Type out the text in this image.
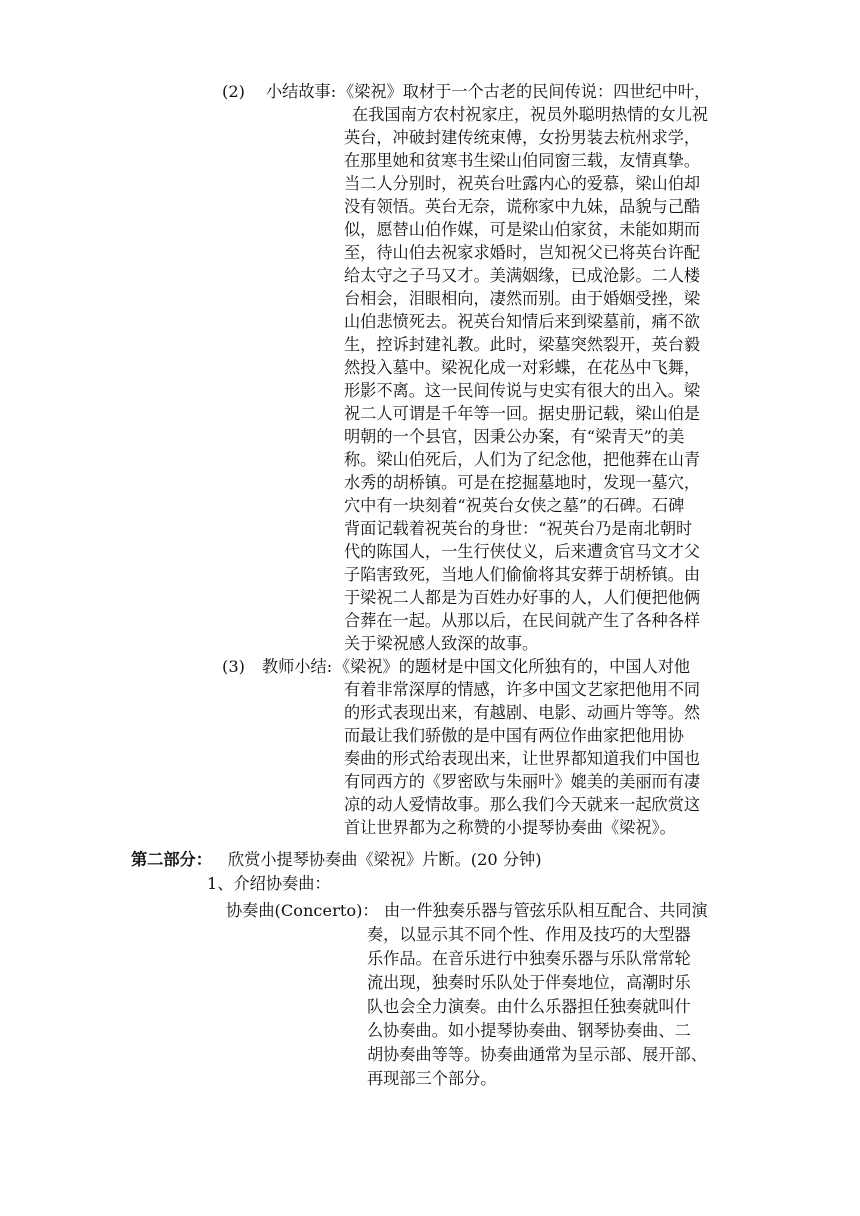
(2) 小结故事: 《梁祝》取材于一个古老的民间传说：四世纪中叶，
在我国南方农村祝家庄，祝员外聪明热情的女儿祝
英台，冲破封建传统束傅，女扮男装去杭州求学，
在那里她和贫寒书生梁山伯同窗三载，友情真挚。
当二人分别时，祝英台吐露内心的爱慕，梁山伯却
没有领悟。英台无奈，谎称家中九妹，品貌与己酷
似，愿替山伯作媒，可是梁山伯家贫，未能如期而
至，待山伯去祝家求婚时，岂知祝父已将英台许配
给太守之子马又才。美满姻缘，已成沧影。二人楼
台相会，泪眼相向，凄然而别。由于婚姻受挫，梁
山伯悲愤死去。祝英台知情后来到梁墓前，痛不欲
生，控诉封建礼教。此时，梁墓突然裂开，英台毅
然投入墓中。梁祝化成一对彩蝶，在花丛中飞舞，
形影不离。这一民间传说与史实有很大的出入。梁
祝二人可谓是千年等一回。据史册记载，梁山伯是
明朝的一个县官，因秉公办案，有“梁青天”的美
称。梁山伯死后，人们为了纪念他，把他葬在山青
水秀的胡桥镇。可是在挖掘墓地时，发现一墓穴，
穴中有一块刻着“祝英台女侠之墓”的石碑。石碑
背面记载着祝英台的身世：“祝英台乃是南北朝时
代的陈国人，一生行侠仗义，后来遭贪官马文才父
子陷害致死，当地人们偷偷将其安葬于胡桥镇。由
于梁祝二人都是为百姓办好事的人，人们便把他俩
合葬在一起。从那以后，在民间就产生了各种各样
关于梁祝感人致深的故事。
(3) 教师小结: 《梁祝》的题材是中国文化所独有的，中国人对他
有着非常深厚的情感，许多中国文艺家把他用不同
的形式表现出来，有越剧、电影、动画片等等。然
而最让我们骄傲的是中国有两位作曲家把他用协
奏曲的形式给表现出来，让世界都知道我们中国也
有同西方的《罗密欧与朱丽叶》媲美的美丽而有凄
凉的动人爱情故事。那么我们今天就来一起欣赏这
首让世界都为之称赞的小提琴协奏曲《梁祝》。
第二部分： 欣赏小提琴协奏曲《梁祝》片断。(20 分钟)
1、介绍协奏曲：
协奏曲(Concerto)： 由一件独奏乐器与管弦乐队相互配合、共同演
奏，以显示其不同个性、作用及技巧的大型器
乐作品。在音乐进行中独奏乐器与乐队常常轮
流出现，独奏时乐队处于伴奏地位，高潮时乐
队也会全力演奏。由什么乐器担任独奏就叫什
么协奏曲。如小提琴协奏曲、钢琴协奏曲、二
胡协奏曲等等。协奏曲通常为呈示部、展开部、
再现部三个部分。
